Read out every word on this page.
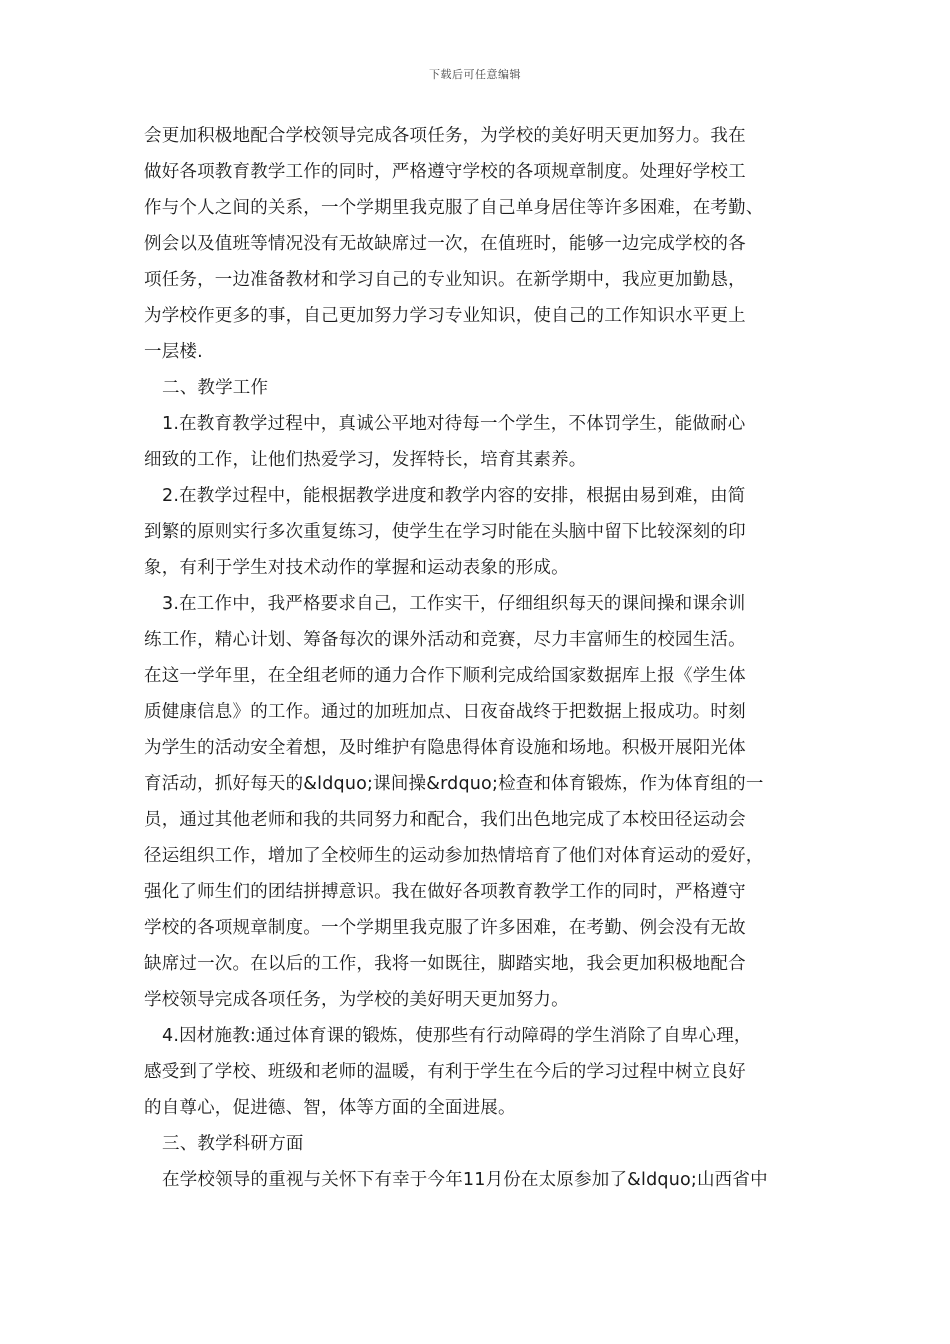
下载后可任意编辑
会更加积极地配合学校领导完成各项任务，为学校的美好明天更加努力。我在
做好各项教育教学工作的同时，严格遵守学校的各项规章制度。处理好学校工
作与个人之间的关系，一个学期里我克服了自己单身居住等许多困难，在考勤、
例会以及值班等情况没有无故缺席过一次，在值班时，能够一边完成学校的各
项任务，一边准备教材和学习自己的专业知识。在新学期中，我应更加勤恳，
为学校作更多的事，自己更加努力学习专业知识，使自己的工作知识水平更上
一层楼.
二、教学工作
1.在教育教学过程中，真诚公平地对待每一个学生，不体罚学生，能做耐心
细致的工作，让他们热爱学习，发挥特长，培育其素养。
2.在教学过程中，能根据教学进度和教学内容的安排，根据由易到难，由简
到繁的原则实行多次重复练习，使学生在学习时能在头脑中留下比较深刻的印
象，有利于学生对技术动作的掌握和运动表象的形成。
3.在工作中，我严格要求自己，工作实干，仔细组织每天的课间操和课余训
练工作，精心计划、筹备每次的课外活动和竞赛，尽力丰富师生的校园生活。
在这一学年里，在全组老师的通力合作下顺利完成给国家数据库上报《学生体
质健康信息》的工作。通过的加班加点、日夜奋战终于把数据上报成功。时刻
为学生的活动安全着想，及时维护有隐患得体育设施和场地。积极开展阳光体
育活动，抓好每天的&ldquo;课间操&rdquo;检查和体育锻炼，作为体育组的一
员，通过其他老师和我的共同努力和配合，我们出色地完成了本校田径运动会
径运组织工作，增加了全校师生的运动参加热情培育了他们对体育运动的爱好，
强化了师生们的团结拼搏意识。我在做好各项教育教学工作的同时，严格遵守
学校的各项规章制度。一个学期里我克服了许多困难，在考勤、例会没有无故
缺席过一次。在以后的工作，我将一如既往，脚踏实地，我会更加积极地配合
学校领导完成各项任务，为学校的美好明天更加努力。
4.因材施教:通过体育课的锻炼，使那些有行动障碍的学生消除了自卑心理，
感受到了学校、班级和老师的温暖，有利于学生在今后的学习过程中树立良好
的自尊心，促进德、智，体等方面的全面进展。
三、教学科研方面
在学校领导的重视与关怀下有幸于今年11月份在太原参加了&ldquo;山西省中
